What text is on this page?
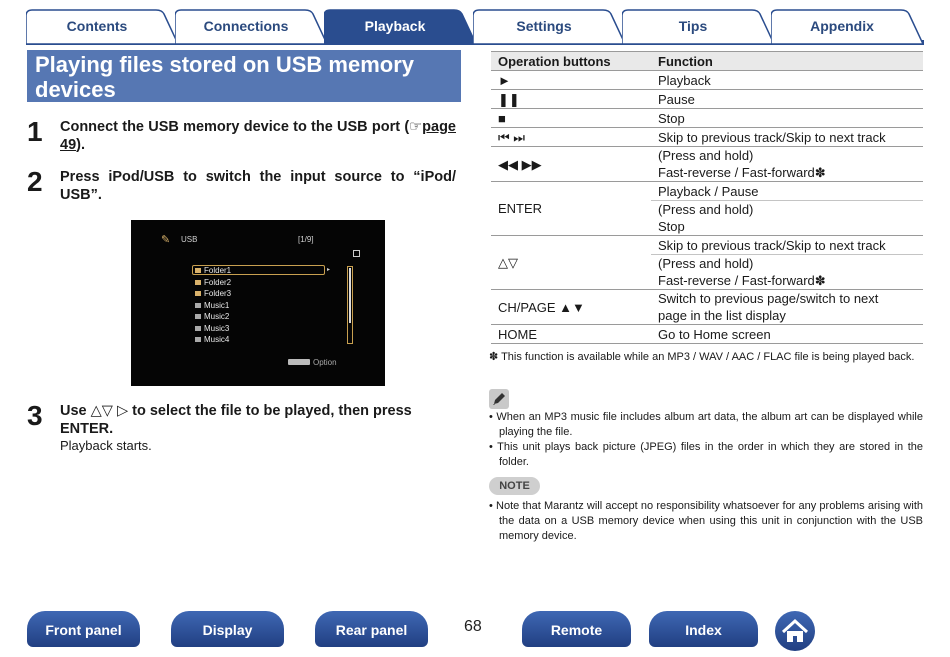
Contents	Connections	Playback	Settings	Tips	Appendix
Playing files stored on USB memory devices
1 Connect the USB memory device to the USB port (☞page 49).
2 Press iPod/USB to switch the input source to “iPod/ USB”.
✎ USB	[1/9]
▸
Folder1
Folder2
Folder3
Music1
Music2
Music3
Music4
Option
3 Use △▽ ▷ to select the file to be played, then press ENTER.
Playback starts.
Operation buttons	Function
►	Playback
❚❚	Pause
■	Stop
⏮ ⏭	Skip to previous track/Skip to next track
◀◀ ▶▶	(Press and hold)
Fast-reverse / Fast-forward✽

ENTER	Playback / Pause

	(Press and hold)
Stop

△▽	Skip to previous track/Skip to next track

	(Press and hold)
Fast-reverse / Fast-forward✽

CH/PAGE ▲▼	Switch to previous page/switch to next
page in the list display

HOME	Go to Home screen
✽ This function is available while an MP3 / WAV / AAC / FLAC file is being played back.
• When an MP3 music file includes album art data, the album art can be displayed while playing the file.
• This unit plays back picture (JPEG) files in the order in which they are stored in the folder.
NOTE
• Note that Marantz will accept no responsibility whatsoever for any problems arising with the data on a USB memory device when using this unit in conjunction with the USB memory device.
Front panel	Display	Rear panel	68	Remote	Index
